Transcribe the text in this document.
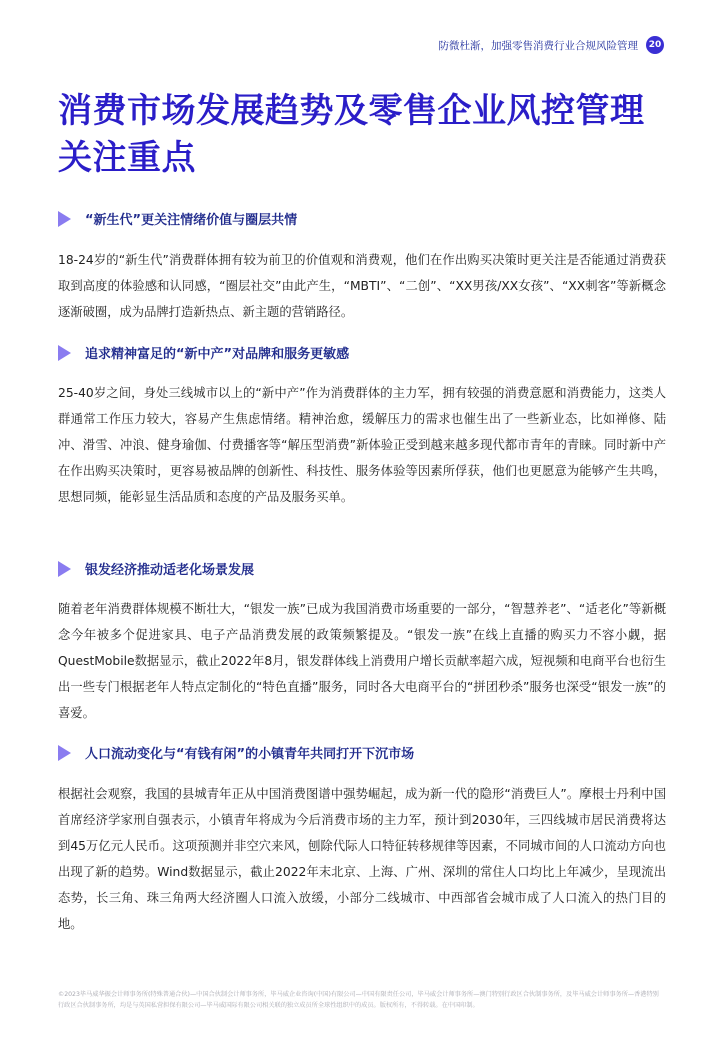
防微杜渐，加强零售消费行业合规风险管理	20
消费市场发展趋势及零售企业风控管理关注重点
“新生代”更关注情绪价值与圈层共情

18-24岁的“新生代”消费群体拥有较为前卫的价值观和消费观，他们在作出购买决策时更关注是否能通过消费获取到高度的体验感和认同感，“圈层社交”由此产生，“MBTI”、“二创”、“XX男孩/XX女孩”、“XX刺客”等新概念逐渐破圈，成为品牌打造新热点、新主题的营销路径。

追求精神富足的“新中产”对品牌和服务更敏感

25-40岁之间，身处三线城市以上的“新中产”作为消费群体的主力军，拥有较强的消费意愿和消费能力，这类人群通常工作压力较大，容易产生焦虑情绪。精神治愈，缓解压力的需求也催生出了一些新业态，比如禅修、陆冲、滑雪、冲浪、健身瑜伽、付费播客等“解压型消费”新体验正受到越来越多现代都市青年的青睐。同时新中产在作出购买决策时，更容易被品牌的创新性、科技性、服务体验等因素所俘获，他们也更愿意为能够产生共鸣，思想同频，能彰显生活品质和态度的产品及服务买单。

银发经济推动适老化场景发展

随着老年消费群体规模不断壮大，“银发一族”已成为我国消费市场重要的一部分，“智慧养老”、“适老化”等新概念今年被多个促进家具、电子产品消费发展的政策频繁提及。“银发一族”在线上直播的购买力不容小觑，据QuestMobile数据显示，截止2022年8月，银发群体线上消费用户增长贡献率超六成，短视频和电商平台也衍生出一些专门根据老年人特点定制化的“特色直播”服务，同时各大电商平台的“拼团秒杀”服务也深受“银发一族”的喜爱。

人口流动变化与“有钱有闲”的小镇青年共同打开下沉市场

根据社会观察，我国的县城青年正从中国消费图谱中强势崛起，成为新一代的隐形“消费巨人”。摩根士丹利中国首席经济学家刑自强表示，小镇青年将成为今后消费市场的主力军，预计到2030年，三四线城市居民消费将达到45万亿元人民币。这项预测并非空穴来风，刨除代际人口特征转移规律等因素，不同城市间的人口流动方向也出现了新的趋势。Wind数据显示，截止2022年末北京、上海、广州、深圳的常住人口均比上年减少，呈现流出态势，长三角、珠三角两大经济圈人口流入放缓，小部分二线城市、中西部省会城市成了人口流入的热门目的地。

©2023毕马威华振会计师事务所(特殊普通合伙)—中国合伙制会计师事务所，毕马威企业咨询(中国)有限公司—中国有限责任公司，毕马威会计师事务所—澳门特别行政区合伙制事务所，及毕马威会计师事务所—香港特别行政区合伙制事务所，均是与英国私营担保有限公司—毕马威国际有限公司相关联的独立成员所全球性组织中的成员。版权所有，不得转载。在中国印制。
